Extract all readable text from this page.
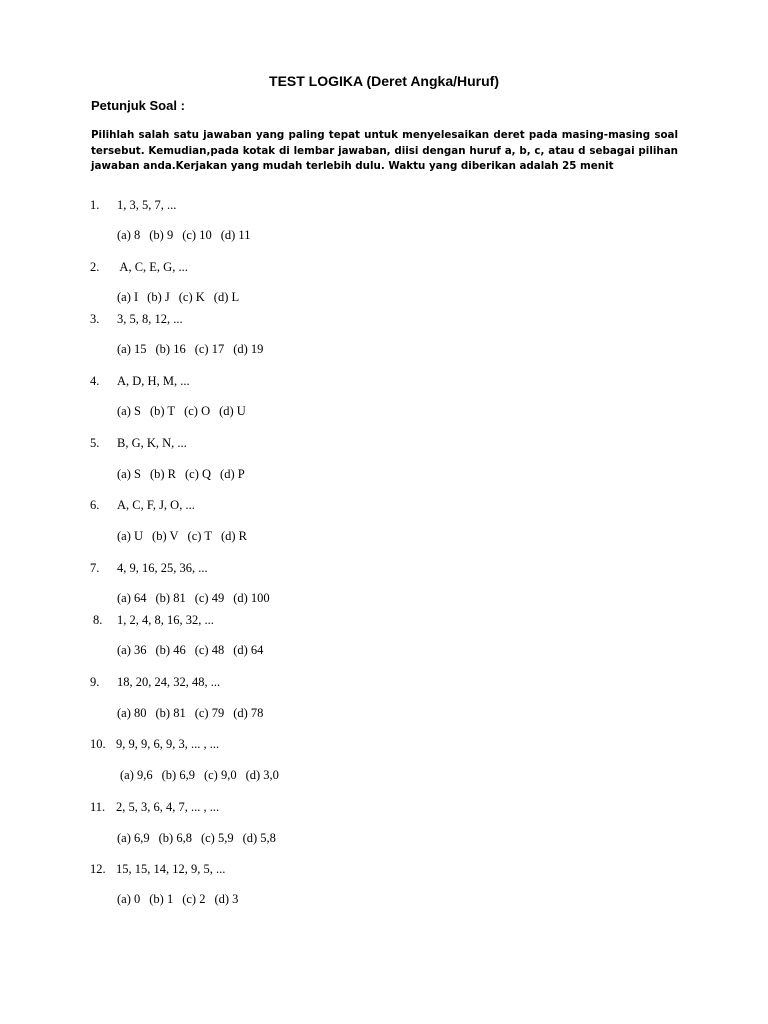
TEST LOGIKA (Deret Angka/Huruf)
Petunjuk Soal :
Pilihlah salah satu jawaban yang paling tepat untuk menyelesaikan deret pada masing-masing soal tersebut. Kemudian,pada kotak di lembar jawaban, diisi dengan huruf a, b, c, atau d sebagai pilihan jawaban anda.Kerjakan yang mudah terlebih dulu. Waktu yang diberikan adalah 25 menit
1. 1, 3, 5, 7, ...
(a) 8 (b) 9 (c) 10 (d) 11
2. A, C, E, G, ...
(a) I (b) J (c) K (d) L
3. 3, 5, 8, 12, ...
(a) 15 (b) 16 (c) 17 (d) 19
4. A, D, H, M, ...
(a) S (b) T (c) O (d) U
5. B, G, K, N, ...
(a) S (b) R (c) Q (d) P
6. A, C, F, J, O, ...
(a) U (b) V (c) T (d) R
7. 4, 9, 16, 25, 36, ...
(a) 64 (b) 81 (c) 49 (d) 100
8. 1, 2, 4, 8, 16, 32, ...
(a) 36 (b) 46 (c) 48 (d) 64
9. 18, 20, 24, 32, 48, ...
(a) 80 (b) 81 (c) 79 (d) 78
10. 9, 9, 9, 6, 9, 3, ... , ...
(a) 9,6 (b) 6,9 (c) 9,0 (d) 3,0
11. 2, 5, 3, 6, 4, 7, ... , ...
(a) 6,9 (b) 6,8 (c) 5,9 (d) 5,8
12. 15, 15, 14, 12, 9, 5, ...
(a) 0 (b) 1 (c) 2 (d) 3
